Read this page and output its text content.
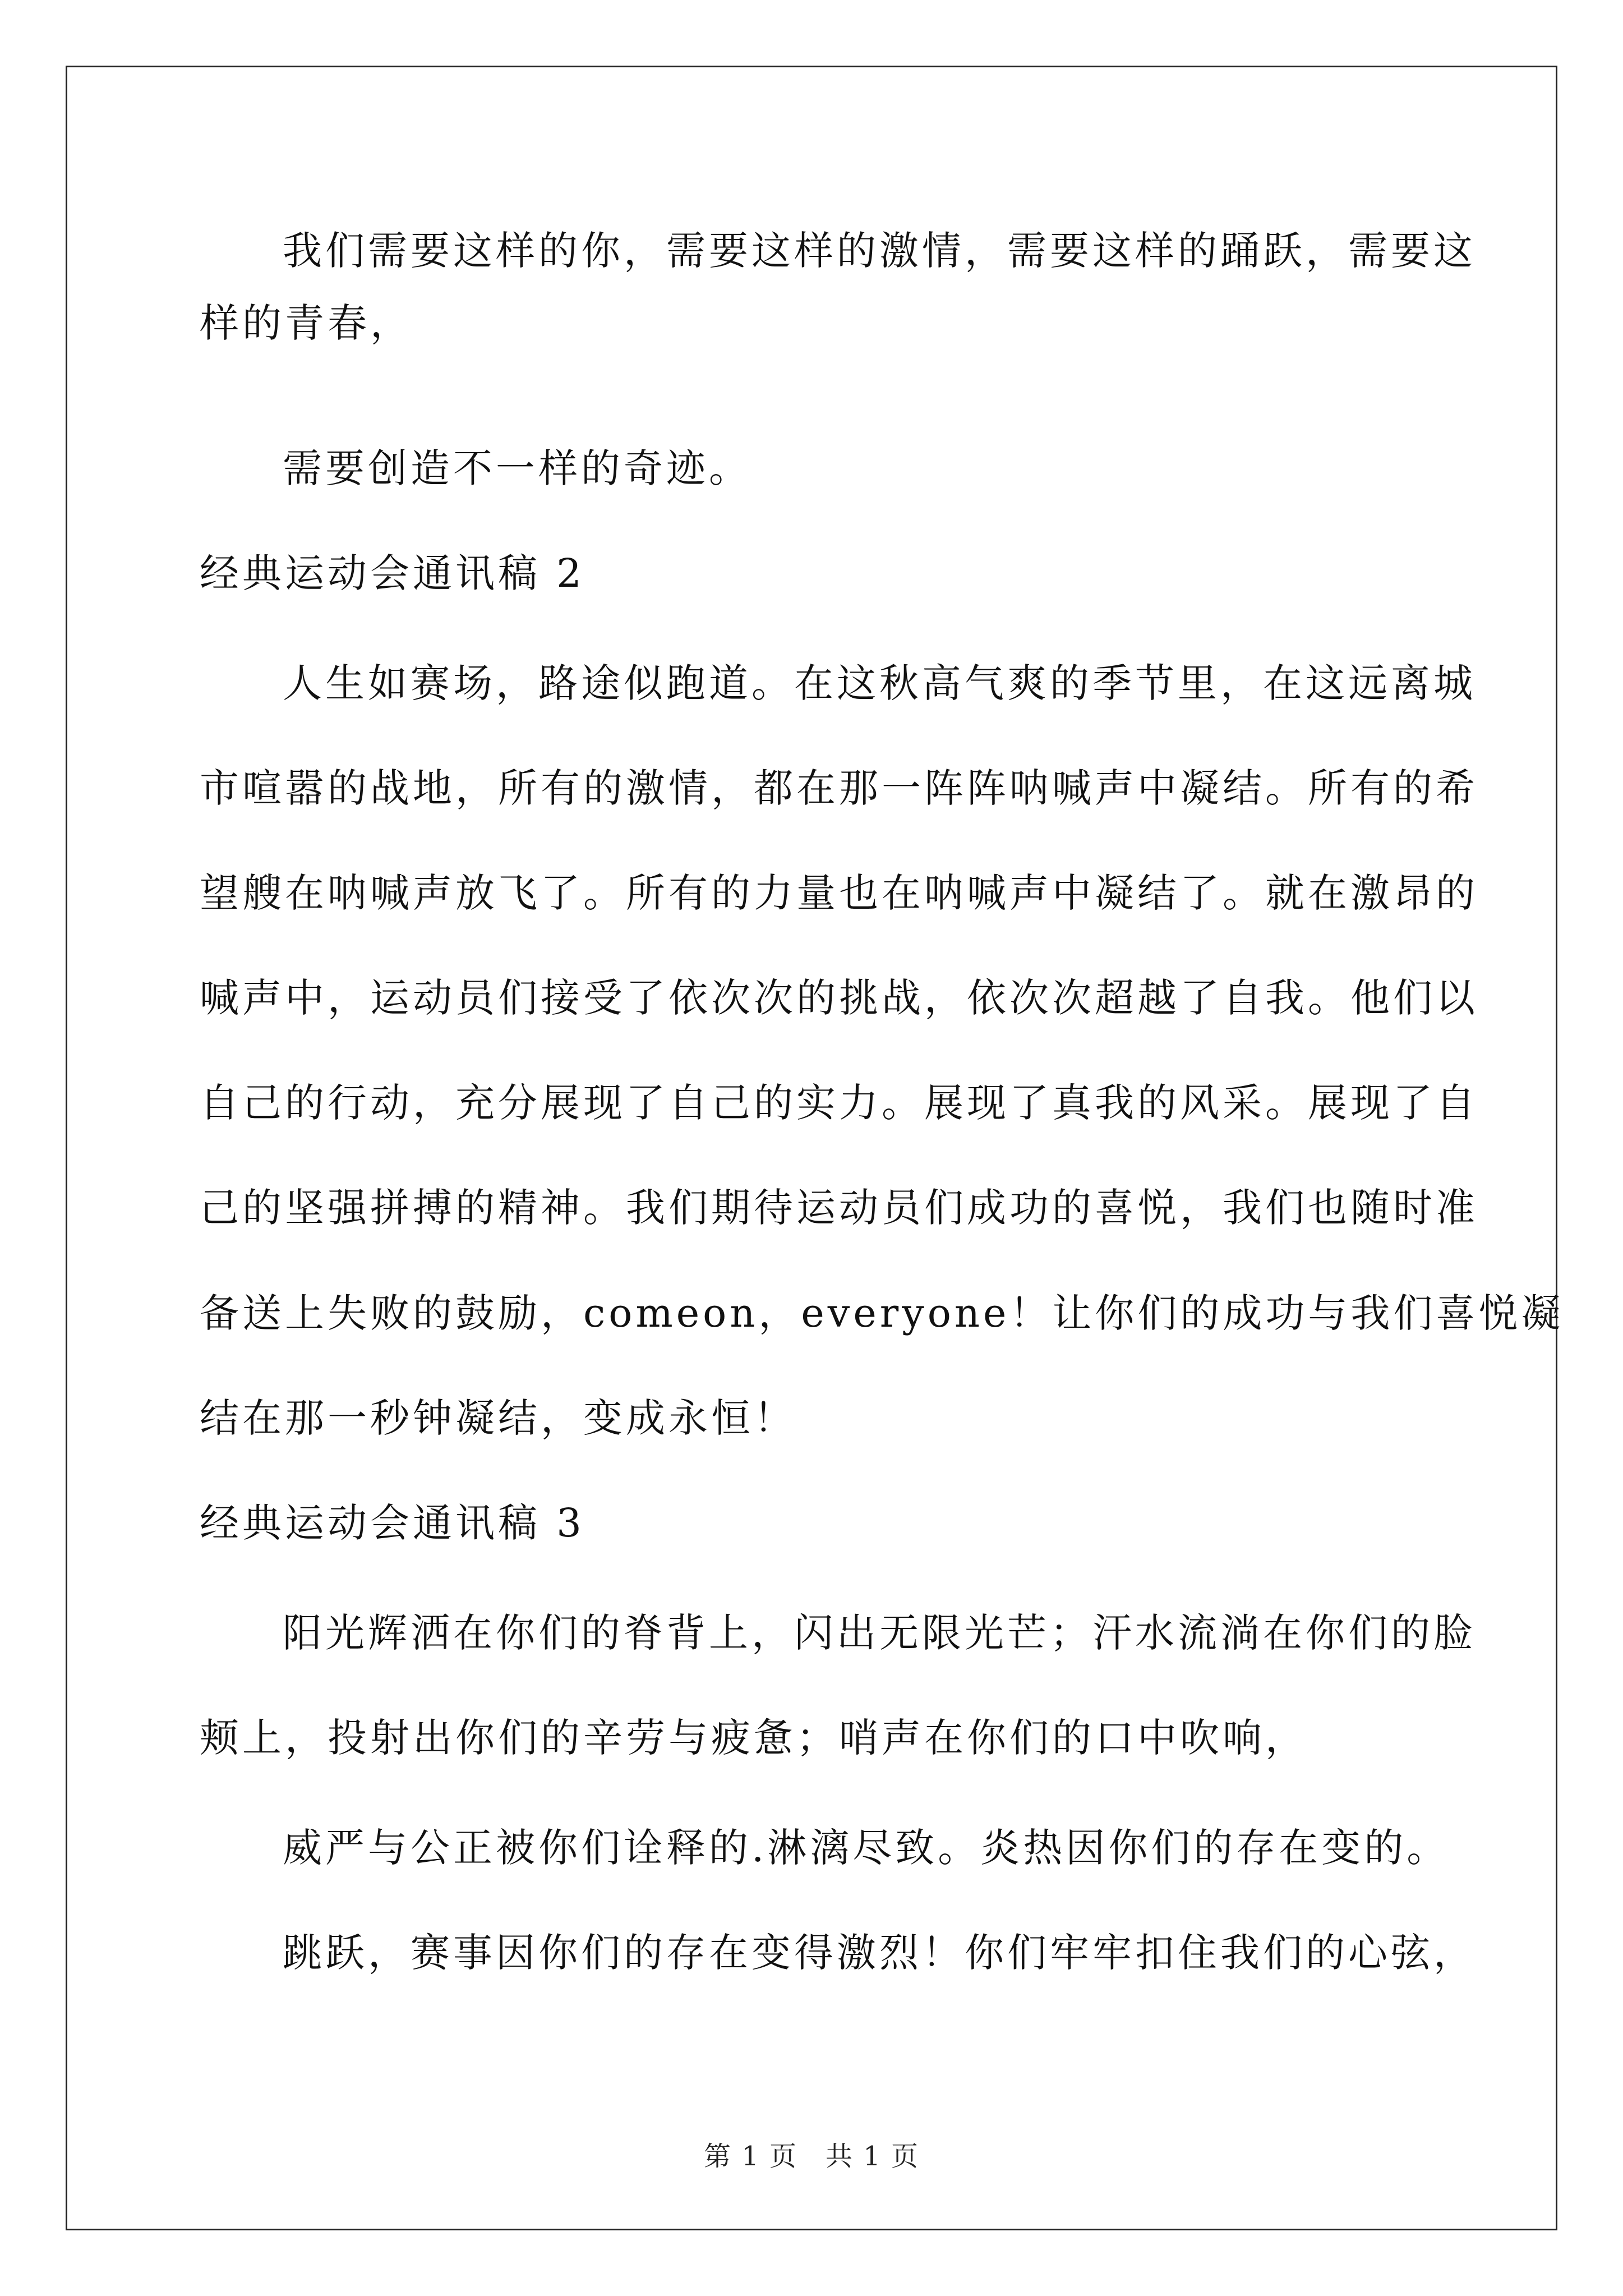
我们需要这样的你，需要这样的激情，需要这样的踊跃，需要这
样的青春，
需要创造不一样的奇迹。
经典运动会通讯稿 2
人生如赛场，路途似跑道。在这秋高气爽的季节里，在这远离城
市喧嚣的战地，所有的激情，都在那一阵阵呐喊声中凝结。所有的希
望艘在呐喊声放飞了。所有的力量也在呐喊声中凝结了。就在激昂的
喊声中，运动员们接受了依次次的挑战，依次次超越了自我。他们以
自己的行动，充分展现了自己的实力。展现了真我的风采。展现了自
己的坚强拼搏的精神。我们期待运动员们成功的喜悦，我们也随时准
备送上失败的鼓励，comeon，everyone！让你们的成功与我们喜悦凝
结在那一秒钟凝结，变成永恒！
经典运动会通讯稿 3
阳光辉洒在你们的脊背上，闪出无限光芒；汗水流淌在你们的脸
颊上，投射出你们的辛劳与疲惫；哨声在你们的口中吹响，
威严与公正被你们诠释的.淋漓尽致。炎热因你们的存在变的。
跳跃，赛事因你们的存在变得激烈！你们牢牢扣住我们的心弦，
第 1 页　共 1 页
